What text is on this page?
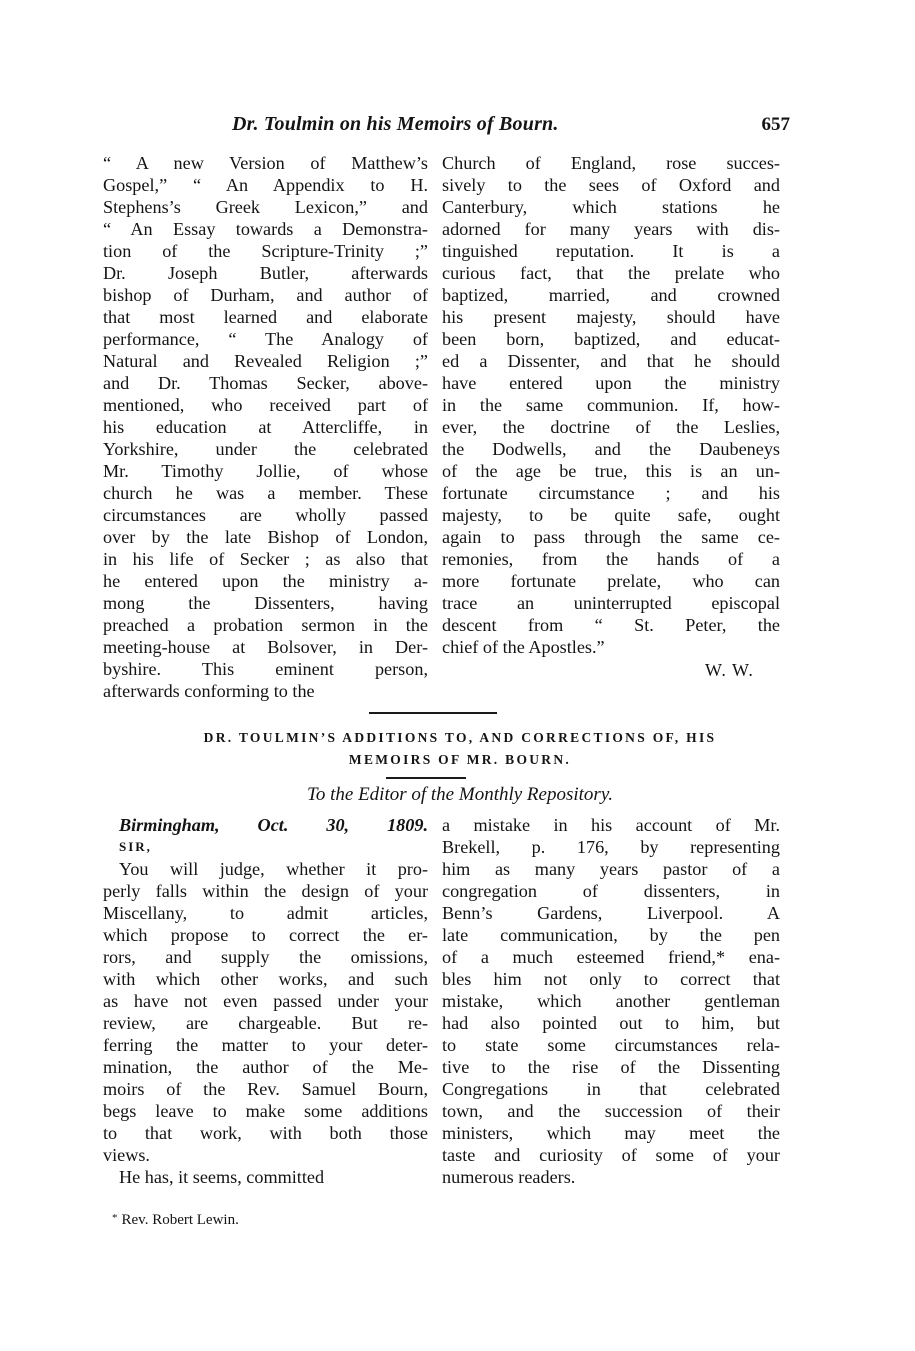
Dr. Toulmin on his Memoirs of Bourn.	657
“ A new Version of Matthew’s
Gospel,” “ An Appendix to H.
Stephens’s Greek Lexicon,” and
“ An Essay towards a Demonstra-
tion of the Scripture-Trinity ;”
Dr. Joseph Butler, afterwards
bishop of Durham, and author of
that most learned and elaborate
performance, “ The Analogy of
Natural and Revealed Religion ;”
and Dr. Thomas Secker, above-
mentioned, who received part of
his education at Attercliffe, in
Yorkshire, under the celebrated
Mr. Timothy Jollie, of whose
church he was a member. These
circumstances are wholly passed
over by the late Bishop of London,
in his life of Secker ; as also that
he entered upon the ministry a-
mong the Dissenters, having
preached a probation sermon in the
meeting-house at Bolsover, in Der-
byshire. This eminent person,
afterwards conforming to the
Church of England, rose succes-
sively to the sees of Oxford and
Canterbury, which stations he
adorned for many years with dis-
tinguished reputation. It is a
curious fact, that the prelate who
baptized, married, and crowned
his present majesty, should have
been born, baptized, and educat-
ed a Dissenter, and that he should
have entered upon the ministry
in the same communion. If, how-
ever, the doctrine of the Leslies,
the Dodwells, and the Daubeneys
of the age be true, this is an un-
fortunate circumstance ; and his
majesty, to be quite safe, ought
again to pass through the same ce-
remonies, from the hands of a
more fortunate prelate, who can
trace an uninterrupted episcopal
descent from “ St. Peter, the
chief of the Apostles.”
W. W.
DR. TOULMIN’S ADDITIONS TO, AND CORRECTIONS OF, HIS
MEMOIRS OF MR. BOURN.
To the Editor of the Monthly Repository.
Birmingham, Oct. 30, 1809.
SIR,
You will judge, whether it pro-
perly falls within the design of your
Miscellany, to admit articles,
which propose to correct the er-
rors, and supply the omissions,
with which other works, and such
as have not even passed under your
review, are chargeable. But re-
ferring the matter to your deter-
mination, the author of the Me-
moirs of the Rev. Samuel Bourn,
begs leave to make some additions
to that work, with both those
views.
He has, it seems, committed
a mistake in his account of Mr.
Brekell, p. 176, by representing
him as many years pastor of a
congregation of dissenters, in
Benn’s Gardens, Liverpool. A
late communication, by the pen
of a much esteemed friend,* ena-
bles him not only to correct that
mistake, which another gentleman
had also pointed out to him, but
to state some circumstances rela-
tive to the rise of the Dissenting
Congregations in that celebrated
town, and the succession of their
ministers, which may meet the
taste and curiosity of some of your
numerous readers.
* Rev. Robert Lewin.
